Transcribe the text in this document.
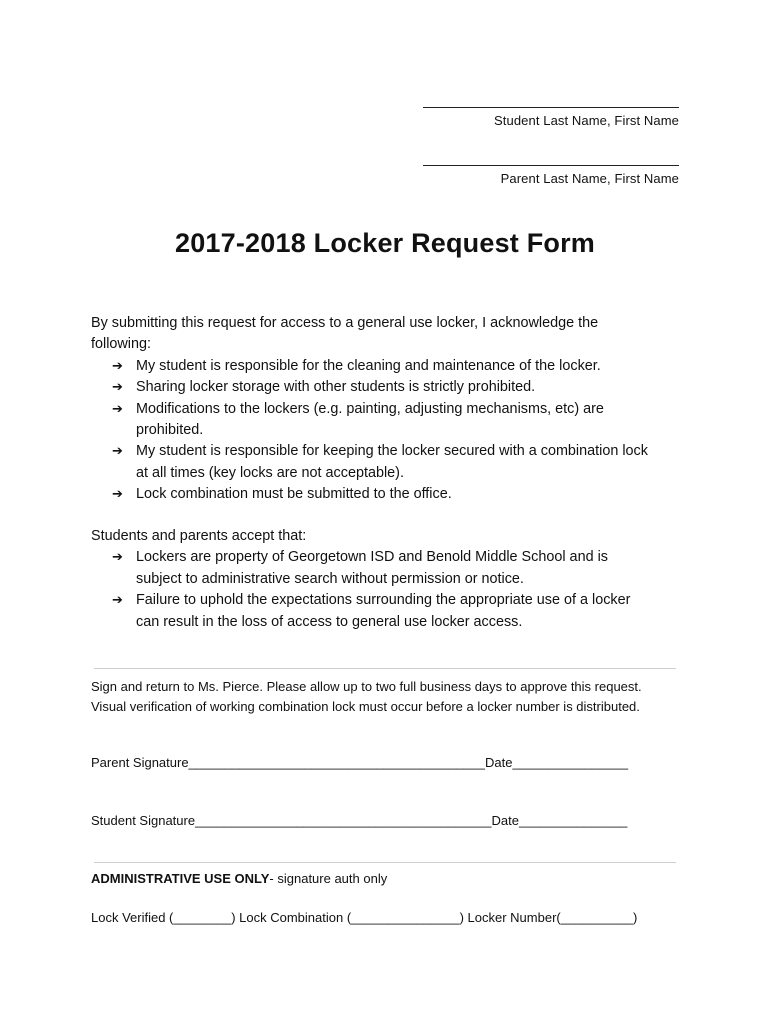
Student Last Name, First Name
Parent Last Name, First Name
2017-2018 Locker Request Form
By submitting this request for access to a general use locker, I acknowledge the
following:
➔ My student is responsible for the cleaning and maintenance of the locker.
➔ Sharing locker storage with other students is strictly prohibited.
➔ Modifications to the lockers (e.g. painting, adjusting mechanisms, etc) are
prohibited.
➔ My student is responsible for keeping the locker secured with a combination lock
at all times (key locks are not acceptable).
➔ Lock combination must be submitted to the office.
Students and parents accept that:
➔ Lockers are property of Georgetown ISD and Benold Middle School and is
subject to administrative search without permission or notice.
➔ Failure to uphold the expectations surrounding the appropriate use of a locker
can result in the loss of access to general use locker access.
Sign and return to Ms. Pierce. Please allow up to two full business days to approve this request.
Visual verification of working combination lock must occur before a locker number is distributed.
Parent Signature_________________________________________Date________________
Student Signature_________________________________________Date_______________
ADMINISTRATIVE USE ONLY- signature auth only
Lock Verified (________) Lock Combination (_______________) Locker Number(__________)
